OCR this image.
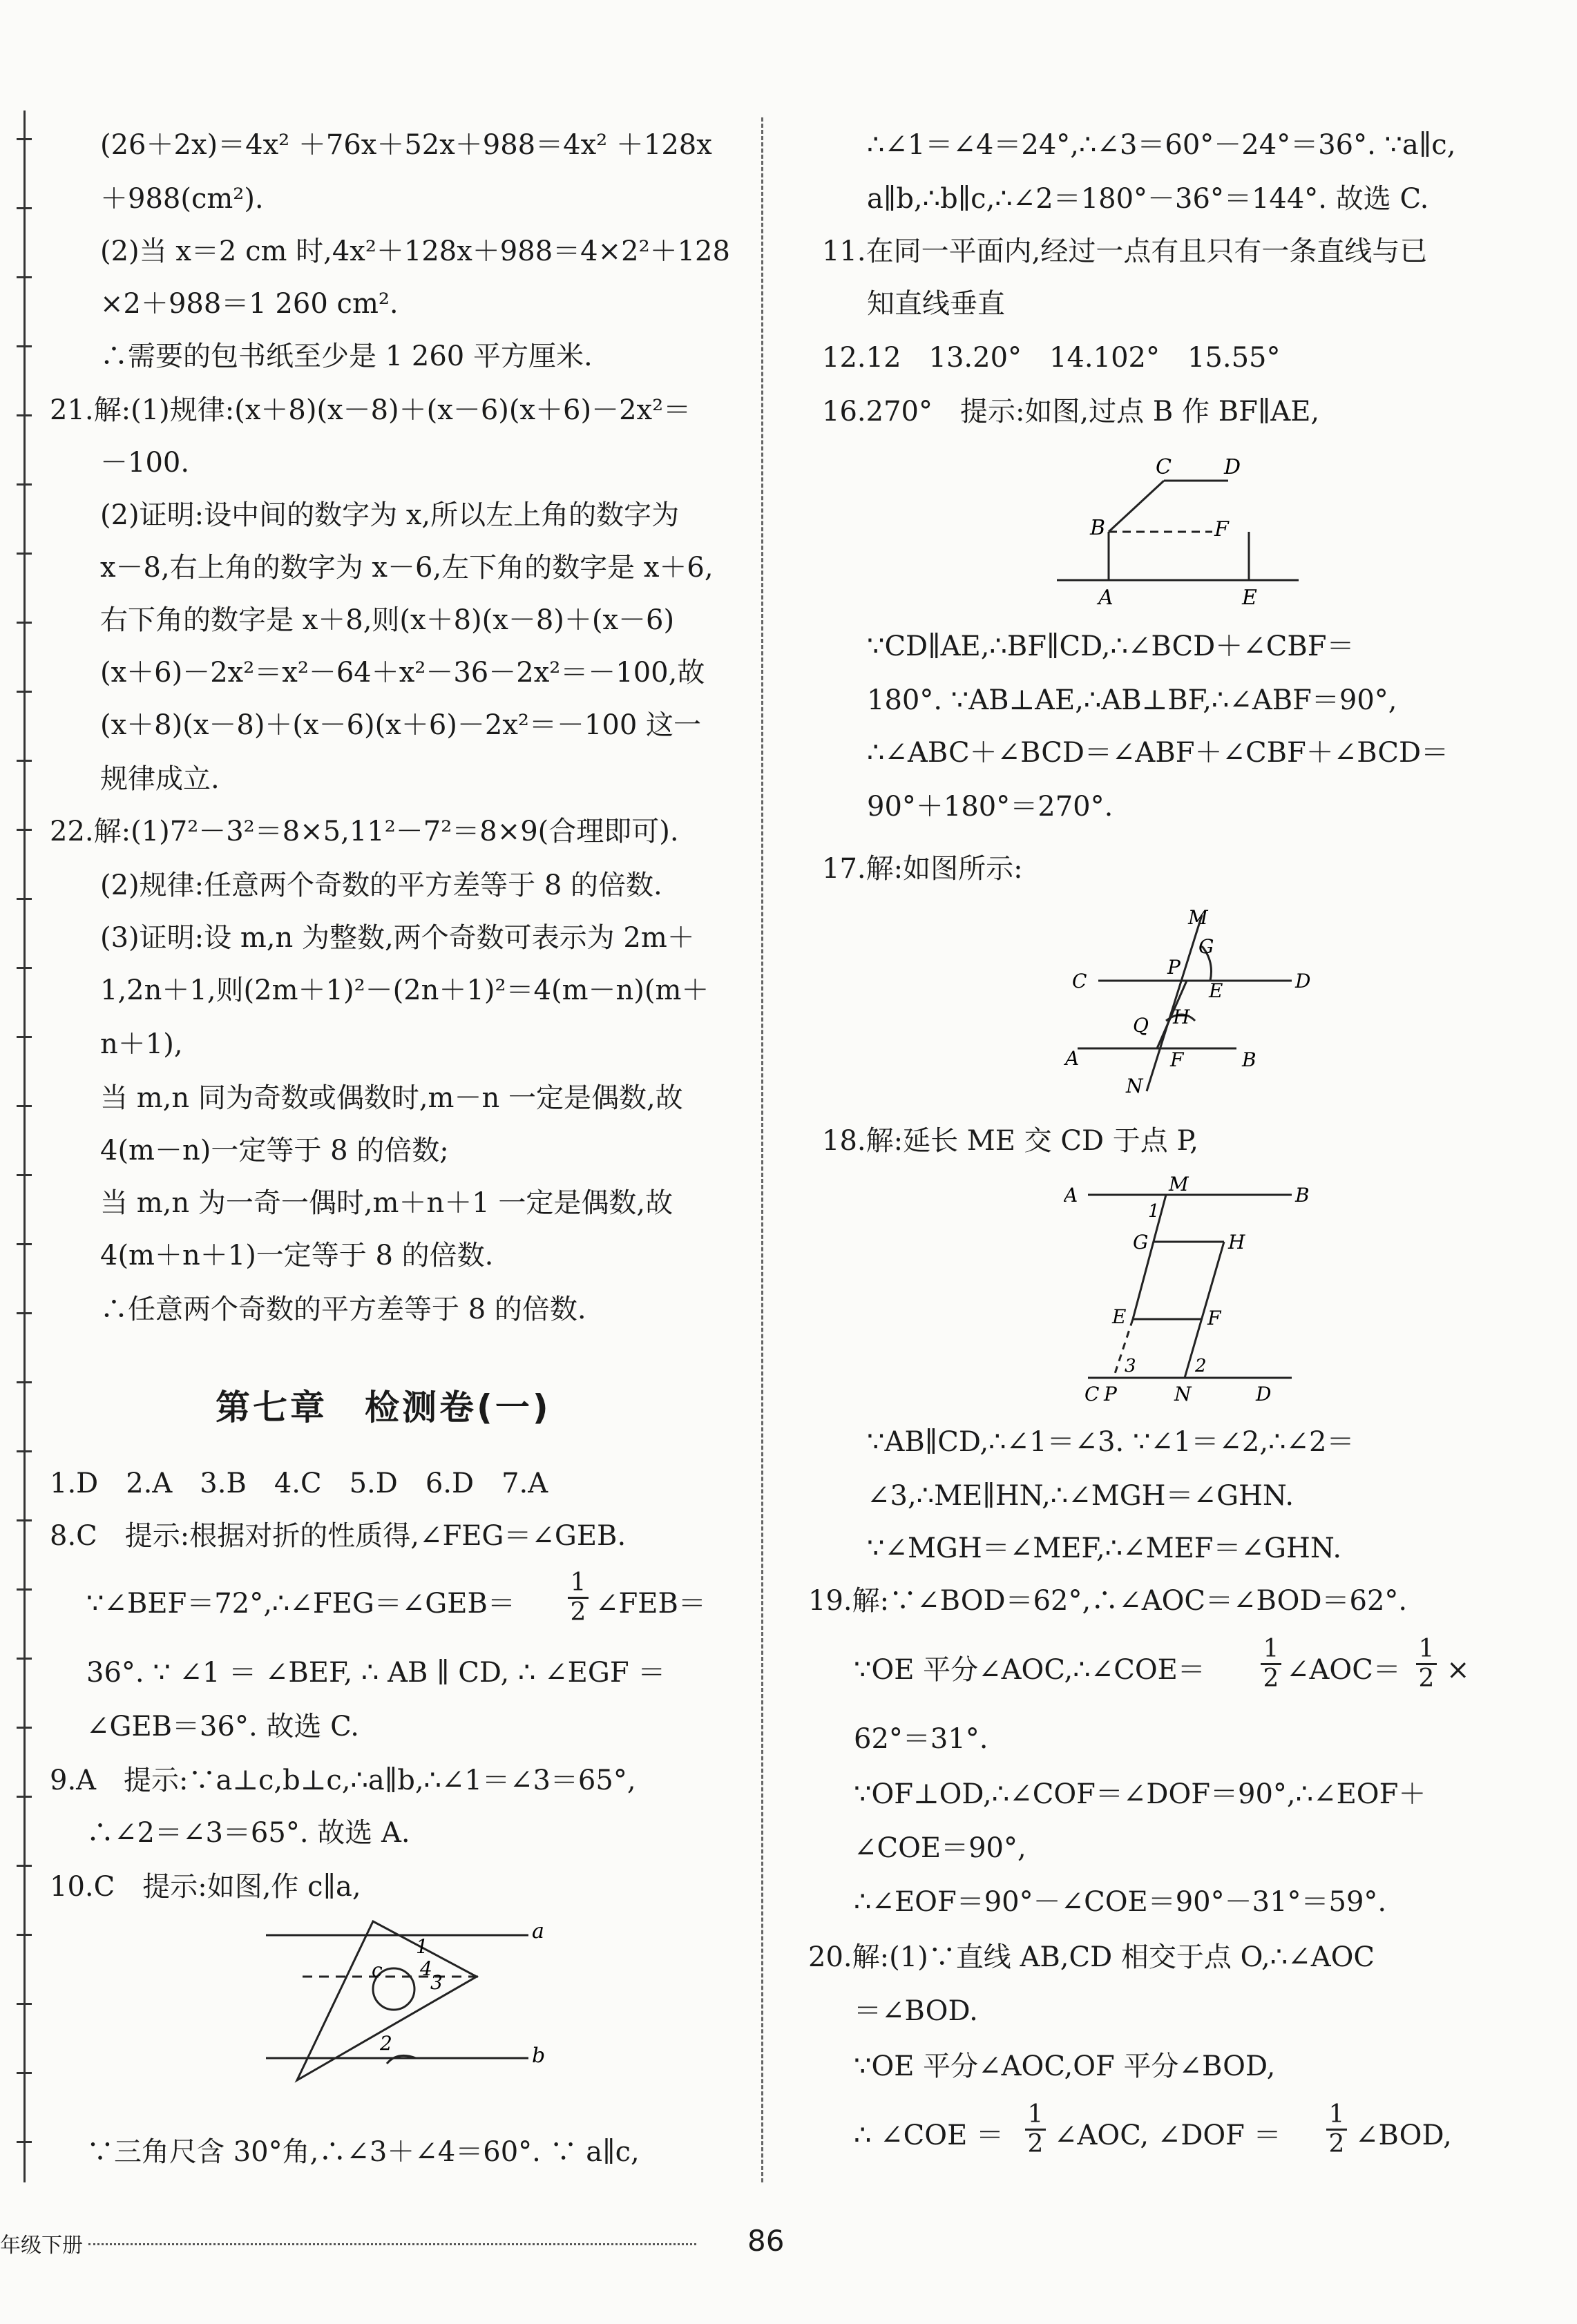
(26＋2x)＝4x² ＋76x＋52x＋988＝4x² ＋128x
＋988(cm²).
(2)当 x＝2 cm 时,4x²＋128x＋988＝4×2²＋128
×2＋988＝1 260 cm².
∴需要的包书纸至少是 1 260 平方厘米.
21.解:(1)规律:(x＋8)(x－8)＋(x－6)(x＋6)－2x²＝
－100.
(2)证明:设中间的数字为 x,所以左上角的数字为
x－8,右上角的数字为 x－6,左下角的数字是 x＋6,
右下角的数字是 x＋8,则(x＋8)(x－8)＋(x－6)
(x＋6)－2x²＝x²－64＋x²－36－2x²＝－100,故
(x＋8)(x－8)＋(x－6)(x＋6)－2x²＝－100 这一
规律成立.
22.解:(1)7²－3²＝8×5,11²－7²＝8×9(合理即可).
(2)规律:任意两个奇数的平方差等于 8 的倍数.
(3)证明:设 m,n 为整数,两个奇数可表示为 2m＋
1,2n＋1,则(2m＋1)²－(2n＋1)²＝4(m－n)(m＋
n＋1),
当 m,n 同为奇数或偶数时,m－n 一定是偶数,故
4(m－n)一定等于 8 的倍数;
当 m,n 为一奇一偶时,m＋n＋1 一定是偶数,故
4(m＋n＋1)一定等于 8 的倍数.
∴任意两个奇数的平方差等于 8 的倍数.
第七章　检测卷(一)
1.D　2.A　3.B　4.C　5.D　6.D　7.A
8.C　提示:根据对折的性质得,∠FEG＝∠GEB.
∵∠BEF＝72°,∴∠FEG＝∠GEB＝
1
2 ∠FEB＝
36°. ∵ ∠1 ＝ ∠BEF, ∴ AB ∥ CD, ∴ ∠EGF ＝
∠GEB＝36°. 故选 C.
9.A　提示:∵a⊥c,b⊥c,∴a∥b,∴∠1＝∠3＝65°,
∴∠2＝∠3＝65°. 故选 A.
10.C　提示:如图,作 c∥a,
a
b
c
1
2
3
4
∵三角尺含 30°角,∴∠3＋∠4＝60°. ∵ a∥c,
∴∠1＝∠4＝24°,∴∠3＝60°－24°＝36°. ∵a∥c,
a∥b,∴b∥c,∴∠2＝180°－36°＝144°. 故选 C.
11.在同一平面内,经过一点有且只有一条直线与已
知直线垂直
12.12　13.20°　14.102°　15.55°
16.270°　提示:如图,过点 B 作 BF∥AE,
A
B
C	D
E
F
∵CD∥AE,∴BF∥CD,∴∠BCD＋∠CBF＝
180°. ∵AB⊥AE,∴AB⊥BF,∴∠ABF＝90°,
∴∠ABC＋∠BCD＝∠ABF＋∠CBF＋∠BCD＝
90°＋180°＝270°.
17.解:如图所示:
M
G
P
C	E	D
Q H
A	F	B
N
18.解:延长 ME 交 CD 于点 P,
A	M	B
1
G	H
E	F
3	2
C P	N	D
∵AB∥CD,∴∠1＝∠3. ∵∠1＝∠2,∴∠2＝
∠3,∴ME∥HN,∴∠MGH＝∠GHN.
∵∠MGH＝∠MEF,∴∠MEF＝∠GHN.
19.解:∵∠BOD＝62°,∴∠AOC＝∠BOD＝62°.
∵OE 平分∠AOC,∴∠COE＝
1
2 ∠AOC＝
1
2 ×
62°＝31°.
∵OF⊥OD,∴∠COF＝∠DOF＝90°,∴∠EOF＋
∠COE＝90°,
∴∠EOF＝90°－∠COE＝90°－31°＝59°.
20.解:(1)∵直线 AB,CD 相交于点 O,∴∠AOC
＝∠BOD.
∵OE 平分∠AOC,OF 平分∠BOD,
∴ ∠COE ＝
1
2 ∠AOC, ∠DOF ＝
1
2 ∠BOD,
年级下册	86
